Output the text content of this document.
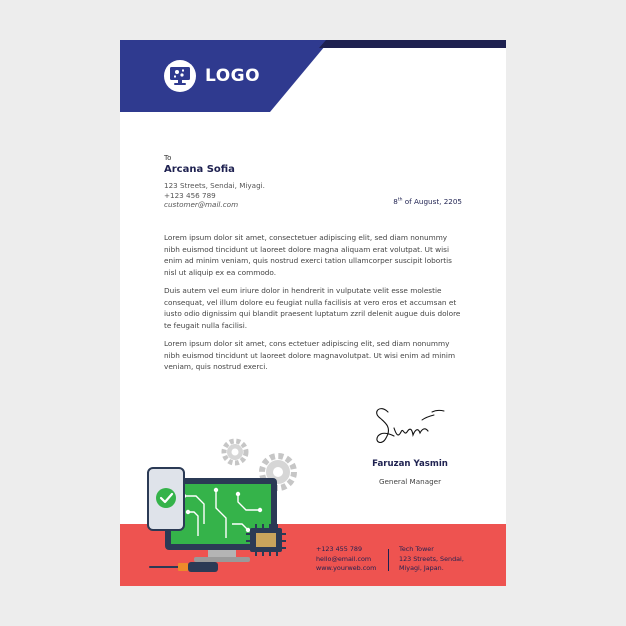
LOGO
To
Arcana Sofia
123 Streets, Sendai, Miyagi.
+123 456 789
customer@mail.com	8th of August, 2205

Lorem ipsum dolor sit amet, consectetuer adipiscing elit, sed diam nonummy nibh euismod tincidunt ut laoreet dolore magna aliquam erat volutpat. Ut wisi enim ad minim veniam, quis nostrud exerci tation ullamcorper suscipit lobortis nisl ut aliquip ex ea commodo.

Duis autem vel eum iriure dolor in hendrerit in vulputate velit esse molestie consequat, vel illum dolore eu feugiat nulla facilisis at vero eros et accumsan et iusto odio dignissim qui blandit praesent luptatum zzril delenit augue duis dolore te feugait nulla facilisi.

Lorem ipsum dolor sit amet, cons ectetuer adipiscing elit, sed diam nonummy nibh euismod tincidunt ut laoreet dolore magnavolutpat. Ut wisi enim ad minim veniam, quis nostrud exerci.

Faruzan Yasmin
General Manager
+123 455 789
hello@email.com
www.yourweb.com
Tech Tower
123 Streets, Sendai,
Miyagi, Japan.
